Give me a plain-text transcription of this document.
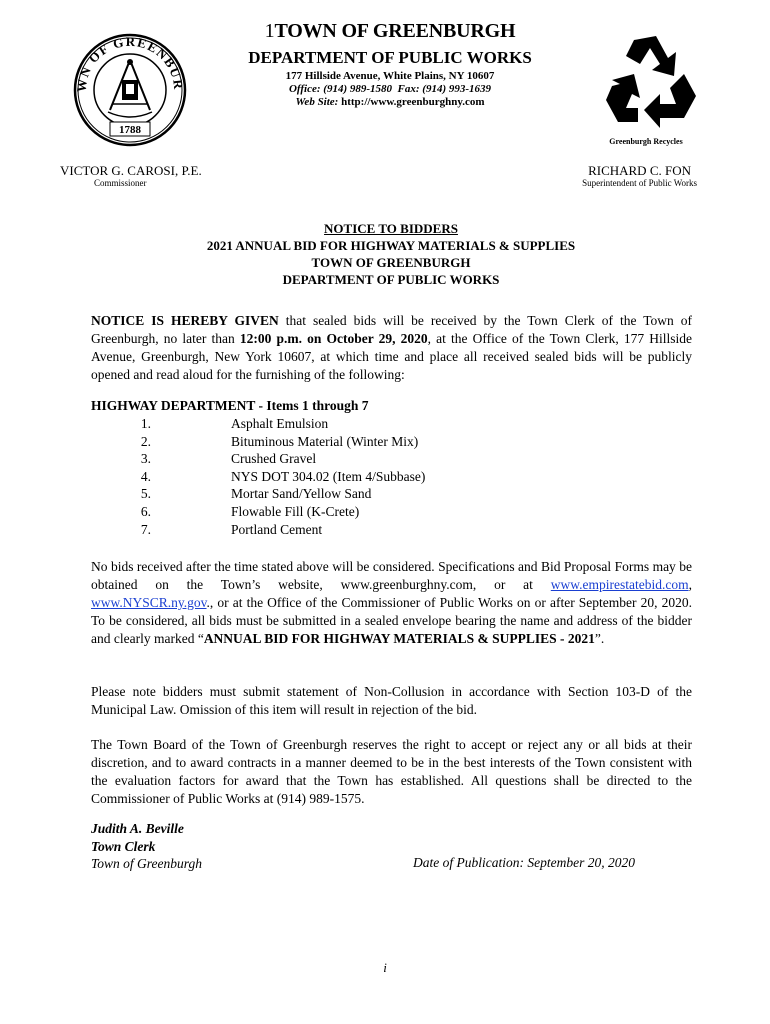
WN OF GREENBUR
1788
1TOWN OF GREENBURGH
DEPARTMENT OF PUBLIC WORKS
177 Hillside Avenue, White Plains, NY 10607
Office: (914) 989-1580 Fax: (914) 993-1639
Web Site: http://www.greenburghny.com
Greenburgh Recycles
VICTOR G. CAROSI, P.E.
Commissioner
RICHARD C. FON
Superintendent of Public Works
NOTICE TO BIDDERS
2021 ANNUAL BID FOR HIGHWAY MATERIALS & SUPPLIES
TOWN OF GREENBURGH
DEPARTMENT OF PUBLIC WORKS
NOTICE IS HEREBY GIVEN that sealed bids will be received by the Town Clerk of the Town of Greenburgh, no later than 12:00 p.m. on October 29, 2020, at the Office of the Town Clerk, 177 Hillside Avenue, Greenburgh, New York 10607, at which time and place all received sealed bids will be publicly opened and read aloud for the furnishing of the following:
HIGHWAY DEPARTMENT - Items 1 through 7
1.	Asphalt Emulsion
2.	Bituminous Material (Winter Mix)
3.	Crushed Gravel
4.	NYS DOT 304.02 (Item 4/Subbase)
5.	Mortar Sand/Yellow Sand
6.	Flowable Fill (K-Crete)
7.	Portland Cement
No bids received after the time stated above will be considered. Specifications and Bid Proposal Forms may be obtained on the Town’s website, www.greenburghny.com, or at www.empirestatebid.com, www.NYSCR.ny.gov., or at the Office of the Commissioner of Public Works on or after September 20, 2020. To be considered, all bids must be submitted in a sealed envelope bearing the name and address of the bidder and clearly marked “ANNUAL BID FOR HIGHWAY MATERIALS & SUPPLIES - 2021”.
Please note bidders must submit statement of Non-Collusion in accordance with Section 103-D of the Municipal Law. Omission of this item will result in rejection of the bid.
The Town Board of the Town of Greenburgh reserves the right to accept or reject any or all bids at their discretion, and to award contracts in a manner deemed to be in the best interests of the Town consistent with the evaluation factors for award that the Town has established. All questions shall be directed to the Commissioner of Public Works at (914) 989-1575.
Judith A. Beville
Town Clerk
Town of Greenburgh	Date of Publication: September 20, 2020
i
